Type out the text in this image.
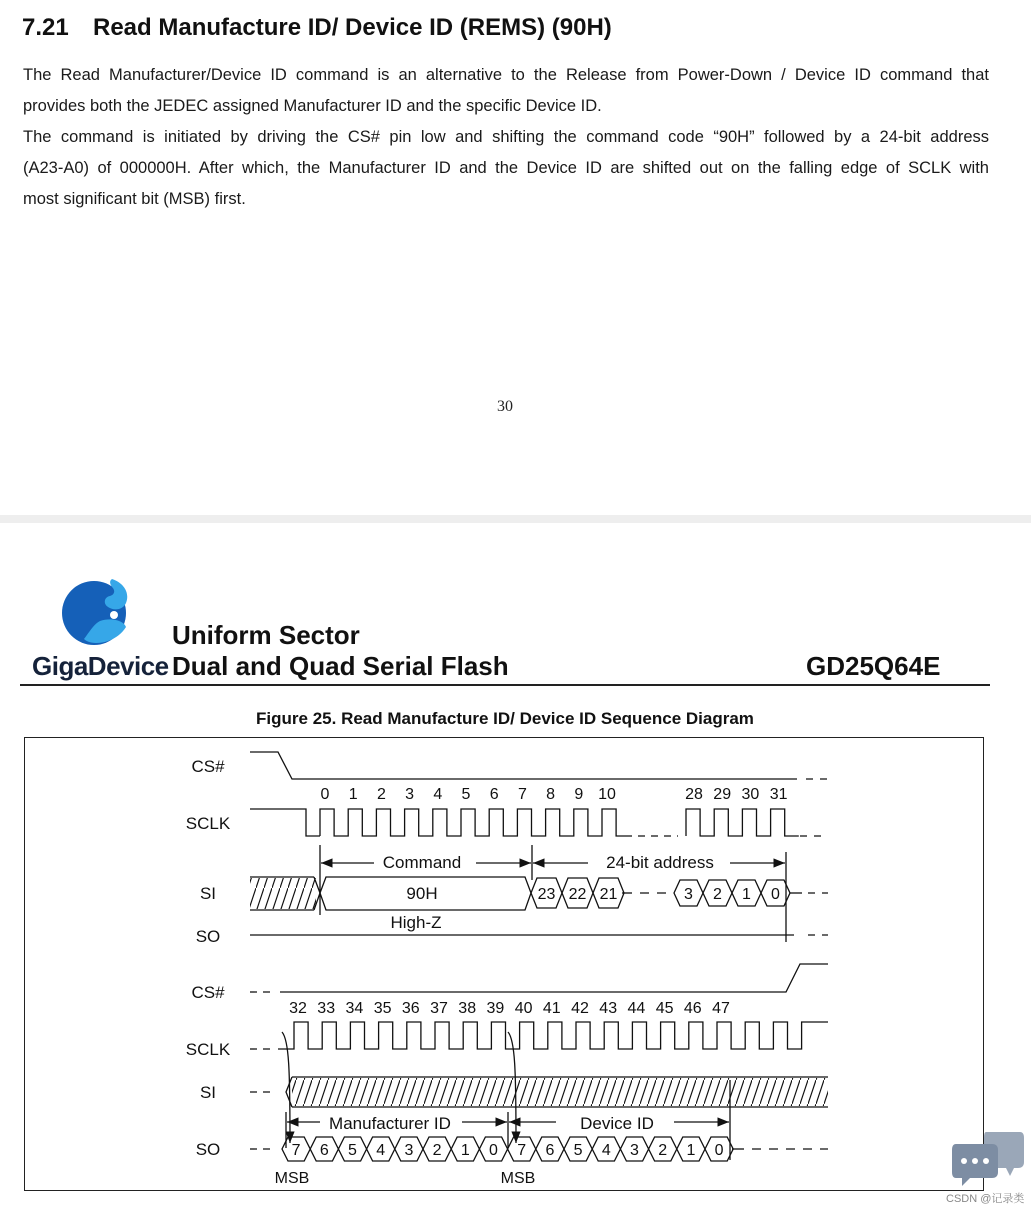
7.21 Read Manufacture ID/ Device ID (REMS) (90H)

The Read Manufacturer/Device ID command is an alternative to the Release from Power-Down / Device ID command that
provides both the JEDEC assigned Manufacturer ID and the specific Device ID.

The command is initiated by driving the CS# pin low and shifting the command code “90H” followed by a 24-bit address
(A23-A0) of 000000H. After which, the Manufacturer ID and the Device ID are shifted out on the falling edge of SCLK with
most significant bit (MSB) first.

30
GigaDevice
Uniform Sector
Dual and Quad Serial Flash	GD25Q64E
Figure 25. Read Manufacture ID/ Device ID Sequence Diagram
CS#
SCLK
SI
SO
CS#
SCLK
SI
SO
0 1 2 3 4 5 6 7 8 9 10	28 29 30 31
Command	24-bit address
90H	23 22 21	3 2 1 0
High-Z
32 33 34 35 36 37 38 39 40 41 42 43 44 45 46 47
Manufacturer ID	Device ID
7 6 5 4 3 2 1 0 7 6 5 4 3 2 1 0
MSB	MSB
CSDN @记录类
